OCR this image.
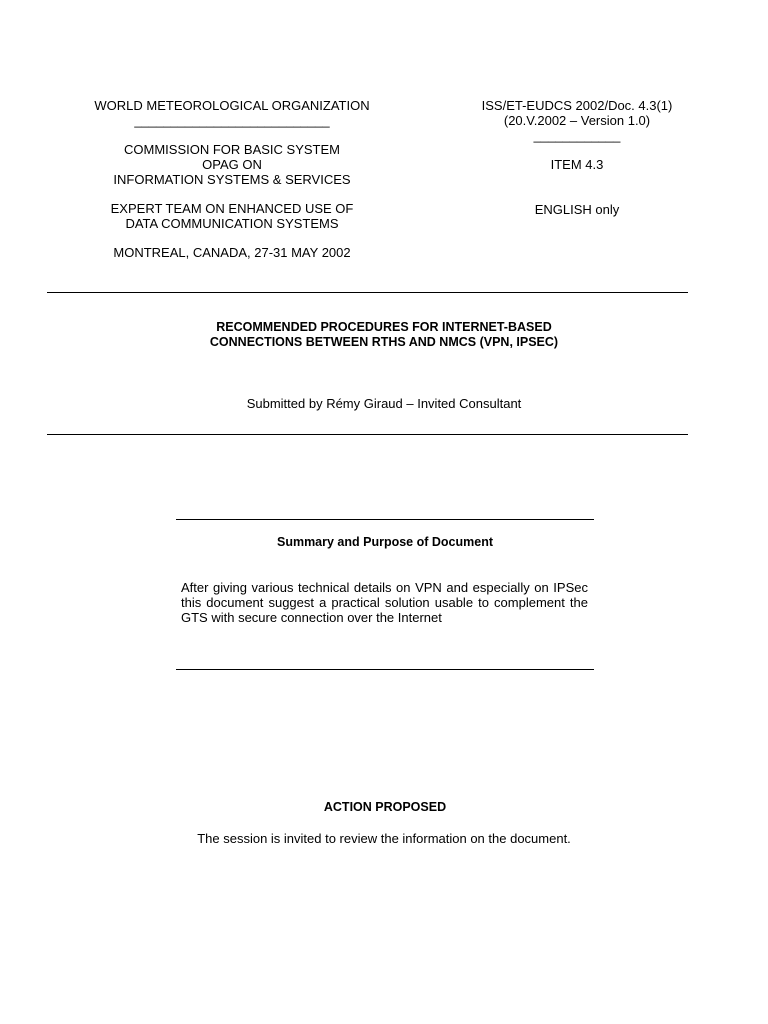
WORLD METEOROLOGICAL ORGANIZATION
___________________________
COMMISSION FOR BASIC SYSTEM
OPAG ON
INFORMATION SYSTEMS & SERVICES
EXPERT TEAM ON ENHANCED USE OF
DATA COMMUNICATION SYSTEMS
MONTREAL, CANADA, 27-31 MAY 2002
ISS/ET-EUDCS 2002/Doc. 4.3(1)
(20.V.2002 – Version 1.0)
____________
ITEM 4.3
ENGLISH only
RECOMMENDED PROCEDURES FOR INTERNET-BASED
CONNECTIONS BETWEEN RTHS AND NMCS (VPN, IPSEC)
Submitted by Rémy Giraud – Invited Consultant
Summary and Purpose of Document
After giving various technical details on VPN and especially on IPSec this document suggest a practical solution usable to complement the GTS with secure connection over the Internet
ACTION PROPOSED
The session is invited to review the information on the document.
